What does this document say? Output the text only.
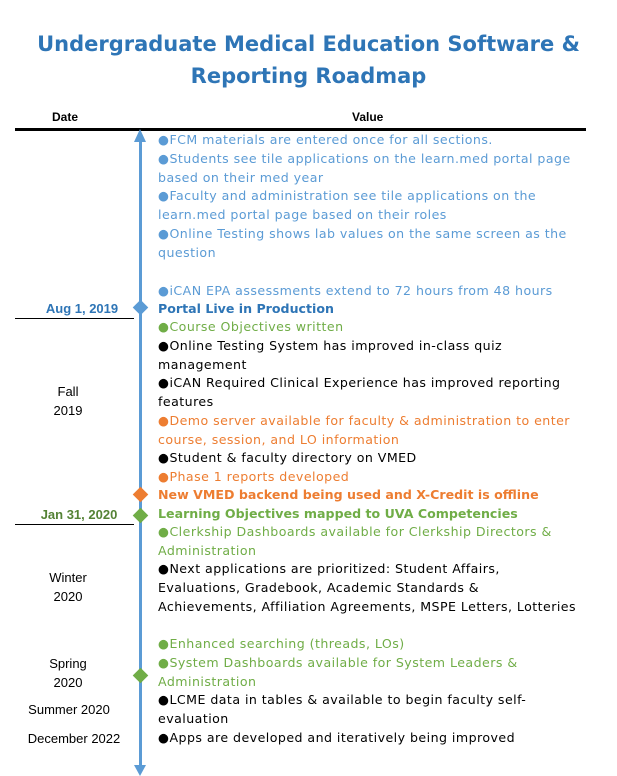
Undergraduate Medical Education Software &
Reporting Roadmap
Date	Value
Aug 1, 2019
Fall
2019
Jan 31, 2020
Winter
2020
Spring
2020
Summer 2020
December 2022
●FCM materials are entered once for all sections.
●Students see tile applications on the learn.med portal page based on their med year
●Faculty and administration see tile applications on the learn.med portal page based on their roles
●Online Testing shows lab values on the same screen as the question
●iCAN EPA assessments extend to 72 hours from 48 hours
Portal Live in Production
●Course Objectives written
●Online Testing System has improved in-class quiz management
●iCAN Required Clinical Experience has improved reporting features
●Demo server available for faculty & administration to enter course, session, and LO information
●Student & faculty directory on VMED
●Phase 1 reports developed
New VMED backend being used and X-Credit is offline
Learning Objectives mapped to UVA Competencies
●Clerkship Dashboards available for Clerkship Directors & Administration
●Next applications are prioritized: Student Affairs, Evaluations, Gradebook, Academic Standards & Achievements, Affiliation Agreements, MSPE Letters, Lotteries
●Enhanced searching (threads, LOs)
●System Dashboards available for System Leaders & Administration
●LCME data in tables & available to begin faculty self-evaluation
●Apps are developed and iteratively being improved
